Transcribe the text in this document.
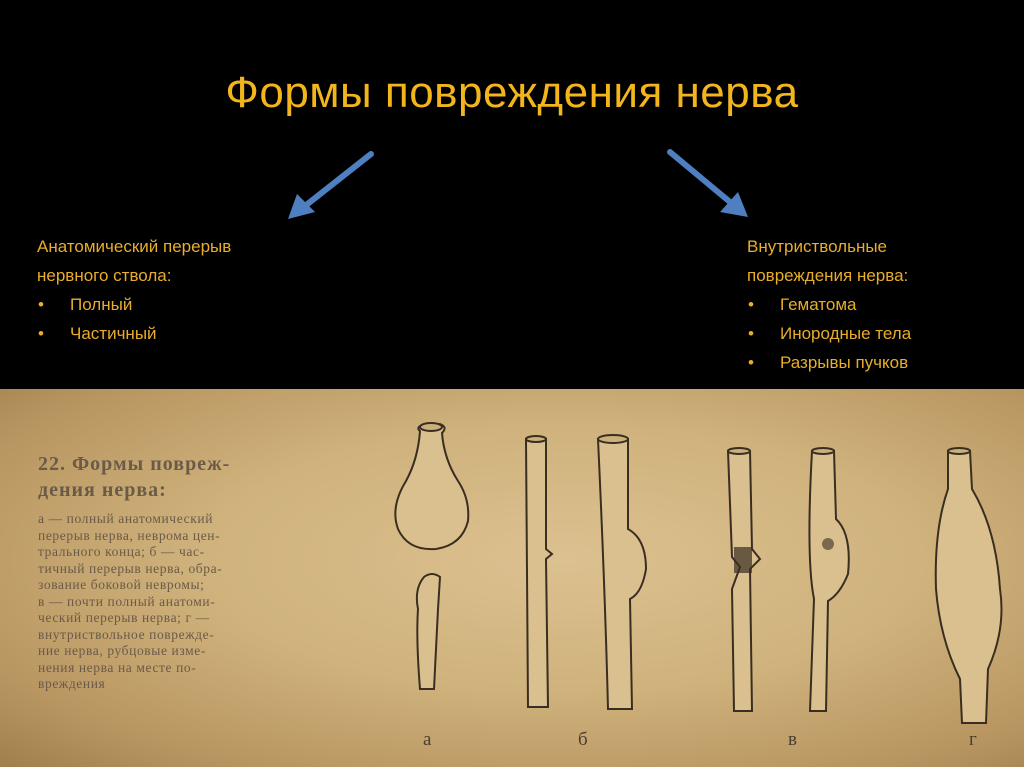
Формы повреждения нерва
Анатомический перерыв
нервного ствола:
• Полный
• Частичный
Внутриствольные
повреждения нерва:
• Гематома
• Инородные тела
• Разрывы пучков
22. Формы повреж-
дения нерва:
а — полный анатомический
перерыв нерва, неврома цен-
трального конца; б — час-
тичный перерыв нерва, обра-
зование боковой невромы;
в — почти полный анатоми-
ческий перерыв нерва; г —
внутриствольное поврежде-
ние нерва, рубцовые изме-
нения нерва на месте по-
вреждения
а	б	в	г
